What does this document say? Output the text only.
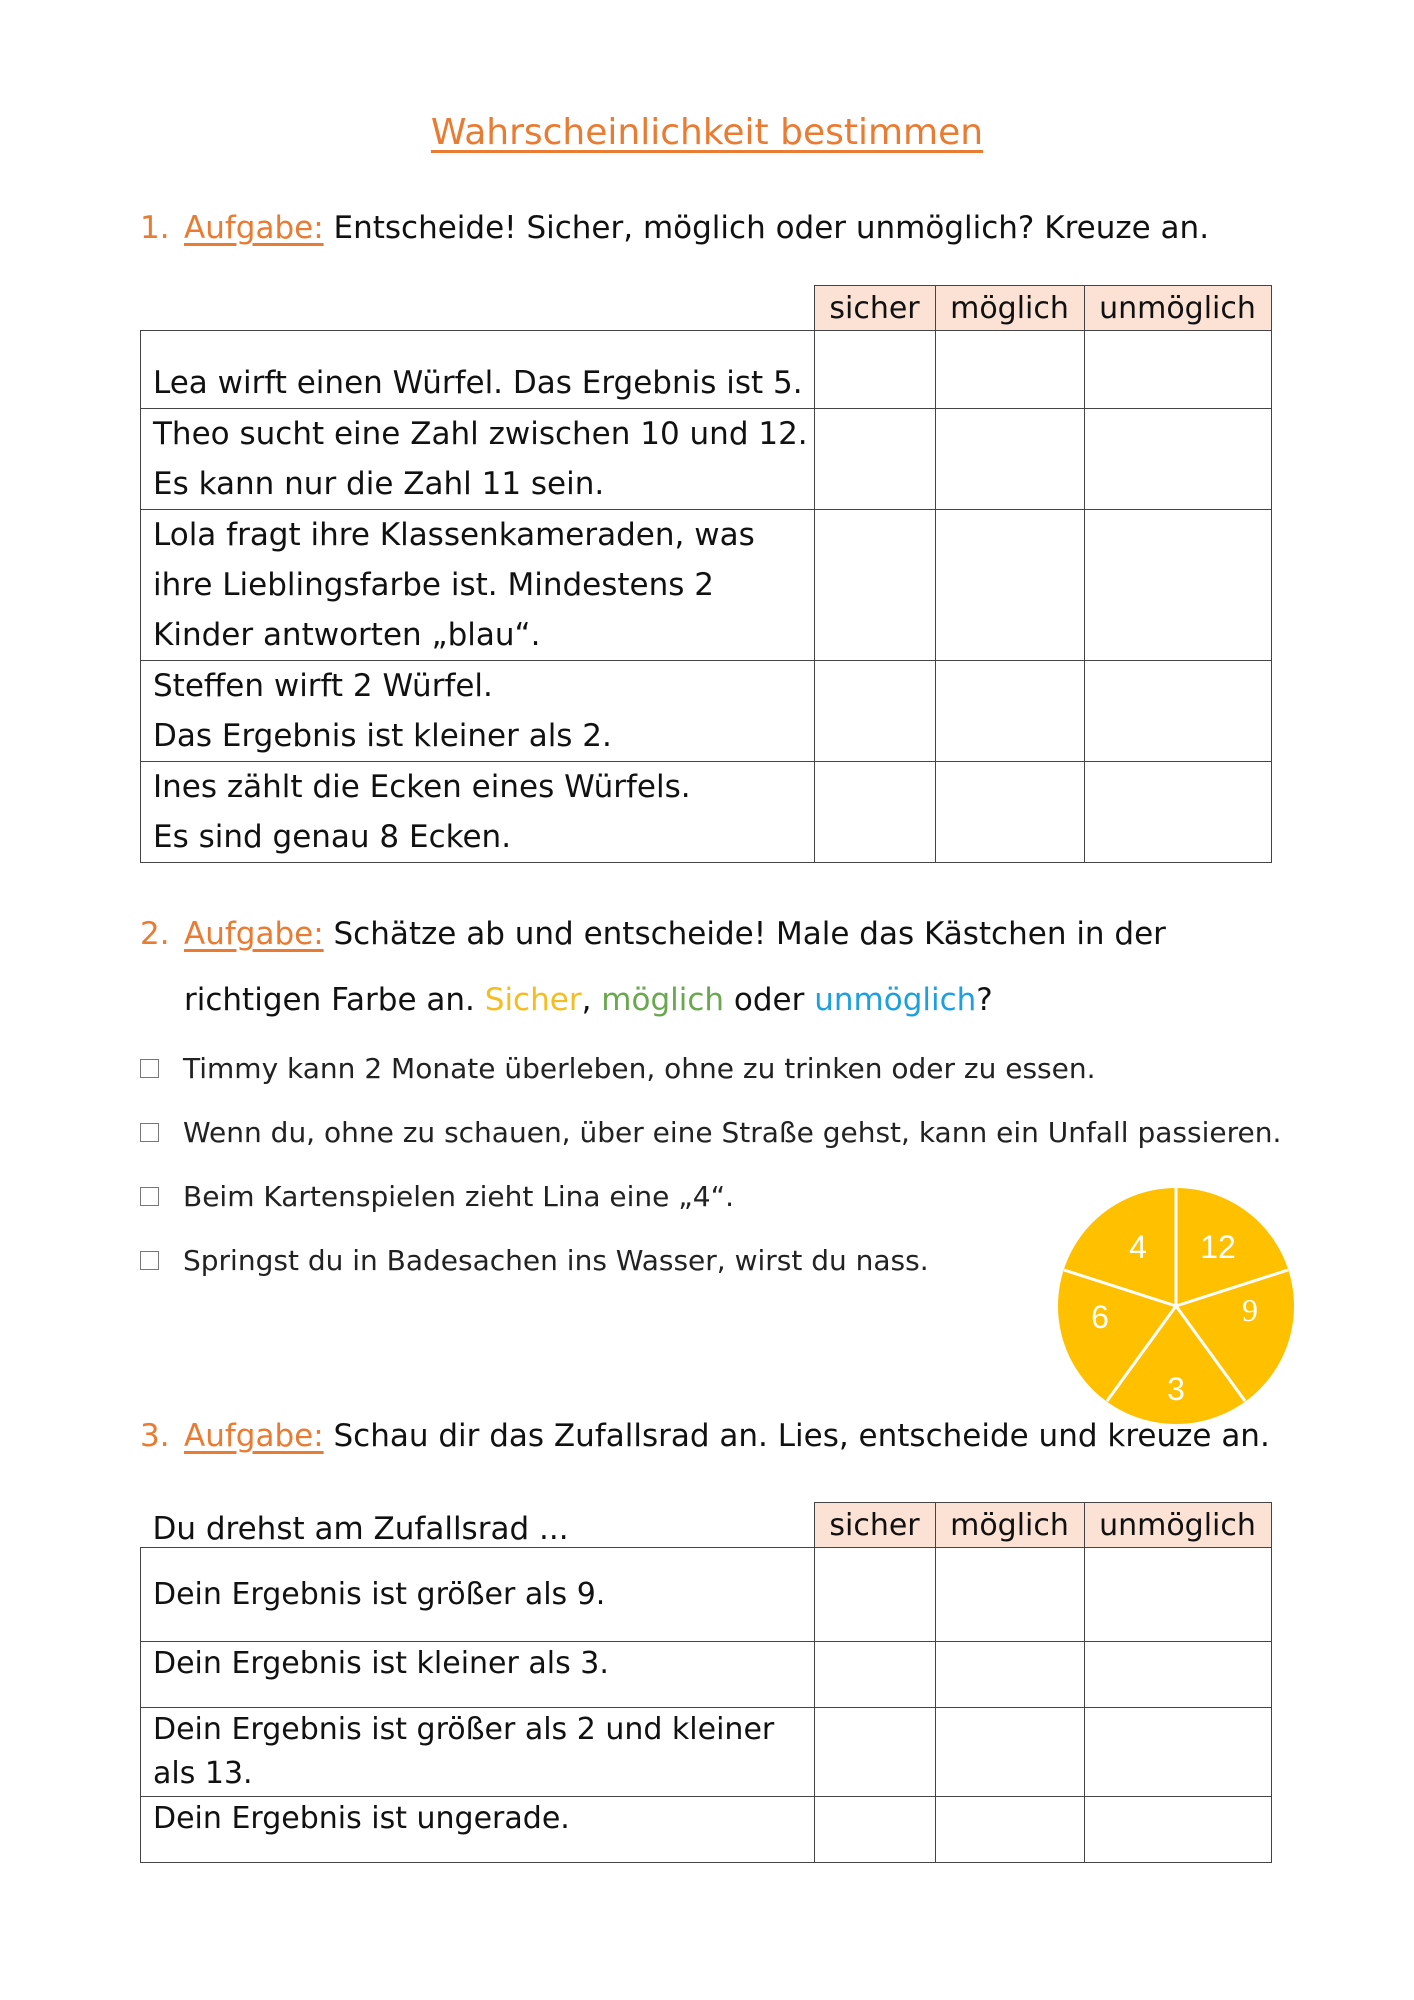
Wahrscheinlichkeit bestimmen
1. Aufgabe: Entscheide! Sicher, möglich oder unmöglich? Kreuze an.
	sicher	möglich	unmöglich

Lea wirft einen Würfel. Das Ergebnis ist 5.			

Theo sucht eine Zahl zwischen 10 und 12.
Es kann nur die Zahl 11 sein.			

Lola fragt ihre Klassenkameraden, was
ihre Lieblingsfarbe ist. Mindestens 2
Kinder antworten „blau“.			

Steffen wirft 2 Würfel.
Das Ergebnis ist kleiner als 2.			

Ines zählt die Ecken eines Würfels.
Es sind genau 8 Ecken.			

2. Aufgabe: Schätze ab und entscheide! Male das Kästchen in der
richtigen Farbe an. Sicher, möglich oder unmöglich?
Timmy kann 2 Monate überleben, ohne zu trinken oder zu essen.
Wenn du, ohne zu schauen, über eine Straße gehst, kann ein Unfall passieren.
Beim Kartenspielen zieht Lina eine „4“.
Springst du in Badesachen ins Wasser, wirst du nass.	4 12
9
3
6
3. Aufgabe: Schau dir das Zufallsrad an. Lies, entscheide und kreuze an.
Du drehst am Zufallsrad ...	sicher	möglich	unmöglich

Dein Ergebnis ist größer als 9.			

Dein Ergebnis ist kleiner als 3.			

Dein Ergebnis ist größer als 2 und kleiner
als 13.			

Dein Ergebnis ist ungerade.			
